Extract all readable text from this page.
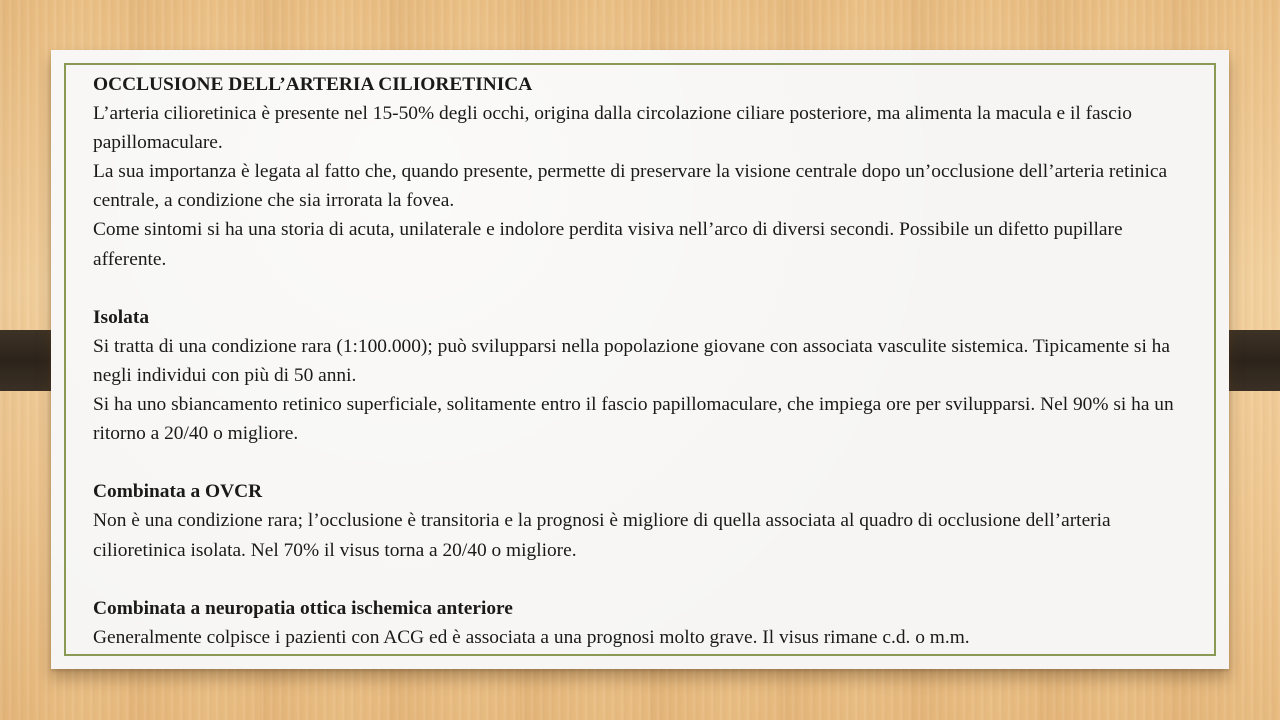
OCCLUSIONE DELL’ARTERIA CILIORETINICA

L’arteria cilioretinica è presente nel 15-50% degli occhi, origina dalla circolazione ciliare posteriore, ma alimenta la macula e il fascio papillomaculare.

La sua importanza è legata al fatto che, quando presente, permette di preservare la visione centrale dopo un’occlusione dell’arteria retinica centrale, a condizione che sia irrorata la fovea.

Come sintomi si ha una storia di acuta, unilaterale e indolore perdita visiva nell’arco di diversi secondi. Possibile un difetto pupillare afferente.

Isolata

Si tratta di una condizione rara (1:100.000); può svilupparsi nella popolazione giovane con associata vasculite sistemica. Tipicamente si ha negli individui con più di 50 anni.

Si ha uno sbiancamento retinico superficiale, solitamente entro il fascio papillomaculare, che impiega ore per svilupparsi. Nel 90% si ha un ritorno a 20/40 o migliore.

Combinata a OVCR

Non è una condizione rara; l’occlusione è transitoria e la prognosi è migliore di quella associata al quadro di occlusione dell’arteria cilioretinica isolata. Nel 70% il visus torna a 20/40 o migliore.

Combinata a neuropatia ottica ischemica anteriore

Generalmente colpisce i pazienti con ACG ed è associata a una prognosi molto grave. Il visus rimane c.d. o m.m.
